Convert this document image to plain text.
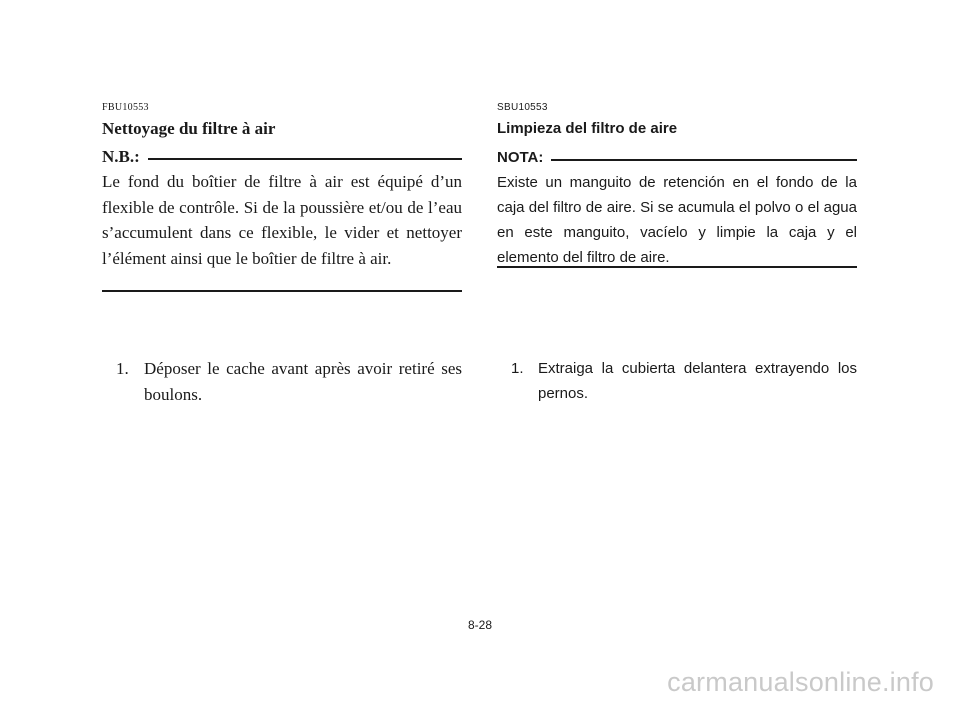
FBU10553
Nettoyage du filtre à air
N.B.:
Le fond du boîtier de filtre à air est équipé d’un flexible de contrôle. Si de la poussière et/ou de l’eau s’accumulent dans ce flexible, le vider et nettoyer l’élément ainsi que le boîtier de filtre à air.
1. Déposer le cache avant après avoir retiré ses boulons.
SBU10553
Limpieza del filtro de aire
NOTA:
Existe un manguito de retención en el fondo de la caja del filtro de aire. Si se acumula el polvo o el agua en este manguito, vacíelo y limpie la caja y el elemento del filtro de aire.
1. Extraiga la cubierta delantera extrayendo los pernos.
8-28
carmanualsonline.info
